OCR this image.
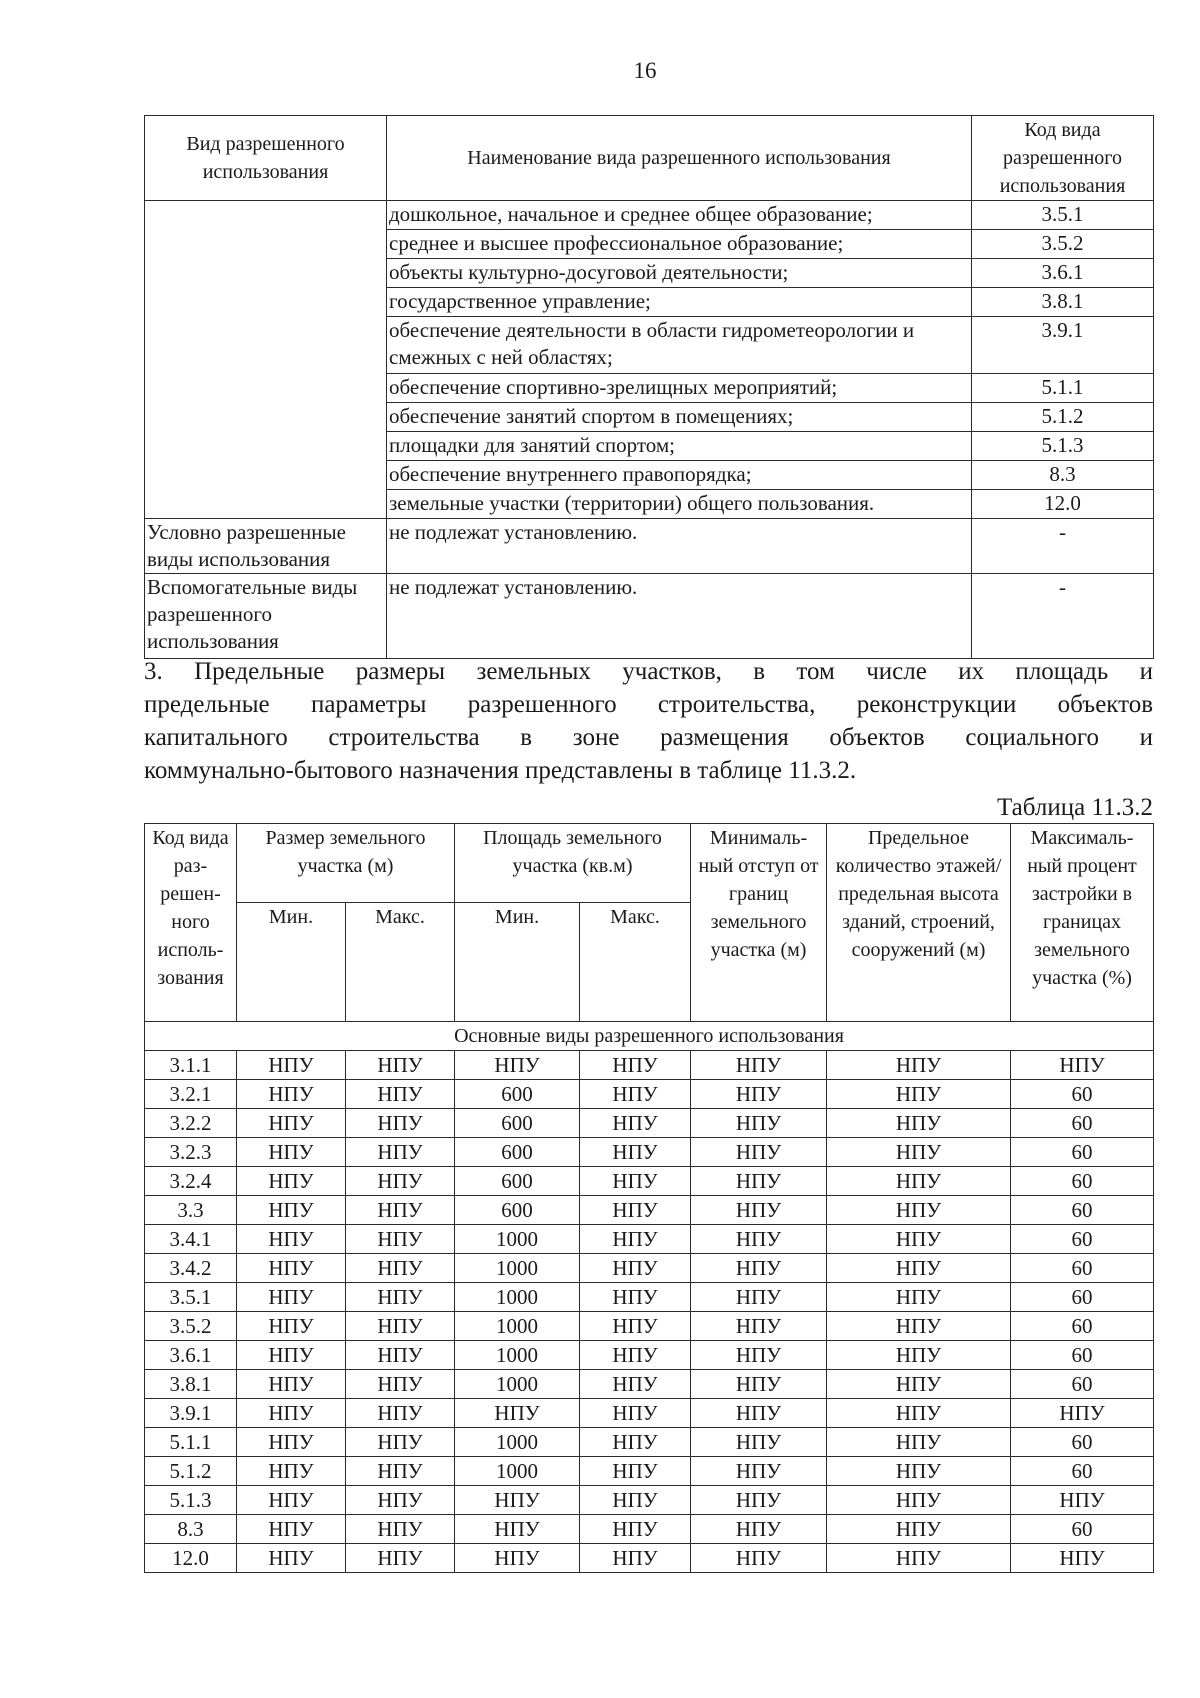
16
Вид разрешенного использования	Наименование вида разрешенного использования	Код вида разрешенного использования
	дошкольное, начальное и среднее общее образование;	3.5.1
	среднее и высшее профессиональное образование;	3.5.2
	объекты культурно-досуговой деятельности;	3.6.1
	государственное управление;	3.8.1
	обеспечение деятельности в области гидрометеорологии и смежных с ней областях;	3.9.1
	обеспечение спортивно-зрелищных мероприятий;	5.1.1
	обеспечение занятий спортом в помещениях;	5.1.2
	площадки для занятий спортом;	5.1.3
	обеспечение внутреннего правопорядка;	8.3
	земельные участки (территории) общего пользования.	12.0
Условно разрешенные виды использования	не подлежат установлению.	-
Вспомогательные виды разрешенного использования	не подлежат установлению.	-
3. Предельные размеры земельных участков, в том числе их площадь и
предельные параметры разрешенного строительства, реконструкции объектов
капитального строительства в зоне размещения объектов социального и
коммунально-бытового назначения представлены в таблице 11.3.2.
Таблица 11.3.2
Код вида раз-решен-ного исполь-зования	Размер земельного участка (м)		Площадь земельного участка (кв.м)		Минималь-ный отступ от границ земельного участка (м)	Предельное количество этажей/ предельная высота зданий, строений, сооружений (м)	Максималь-ный процент застройки в границах земельного участка (%)
	Мин.	Макс.	Мин.	Макс.			
Основные виды разрешенного использования							
3.1.1	НПУ	НПУ	НПУ	НПУ	НПУ	НПУ	НПУ
3.2.1	НПУ	НПУ	600	НПУ	НПУ	НПУ	60
3.2.2	НПУ	НПУ	600	НПУ	НПУ	НПУ	60
3.2.3	НПУ	НПУ	600	НПУ	НПУ	НПУ	60
3.2.4	НПУ	НПУ	600	НПУ	НПУ	НПУ	60
3.3	НПУ	НПУ	600	НПУ	НПУ	НПУ	60
3.4.1	НПУ	НПУ	1000	НПУ	НПУ	НПУ	60
3.4.2	НПУ	НПУ	1000	НПУ	НПУ	НПУ	60
3.5.1	НПУ	НПУ	1000	НПУ	НПУ	НПУ	60
3.5.2	НПУ	НПУ	1000	НПУ	НПУ	НПУ	60
3.6.1	НПУ	НПУ	1000	НПУ	НПУ	НПУ	60
3.8.1	НПУ	НПУ	1000	НПУ	НПУ	НПУ	60
3.9.1	НПУ	НПУ	НПУ	НПУ	НПУ	НПУ	НПУ
5.1.1	НПУ	НПУ	1000	НПУ	НПУ	НПУ	60
5.1.2	НПУ	НПУ	1000	НПУ	НПУ	НПУ	60
5.1.3	НПУ	НПУ	НПУ	НПУ	НПУ	НПУ	НПУ
8.3	НПУ	НПУ	НПУ	НПУ	НПУ	НПУ	60
12.0	НПУ	НПУ	НПУ	НПУ	НПУ	НПУ	НПУ
